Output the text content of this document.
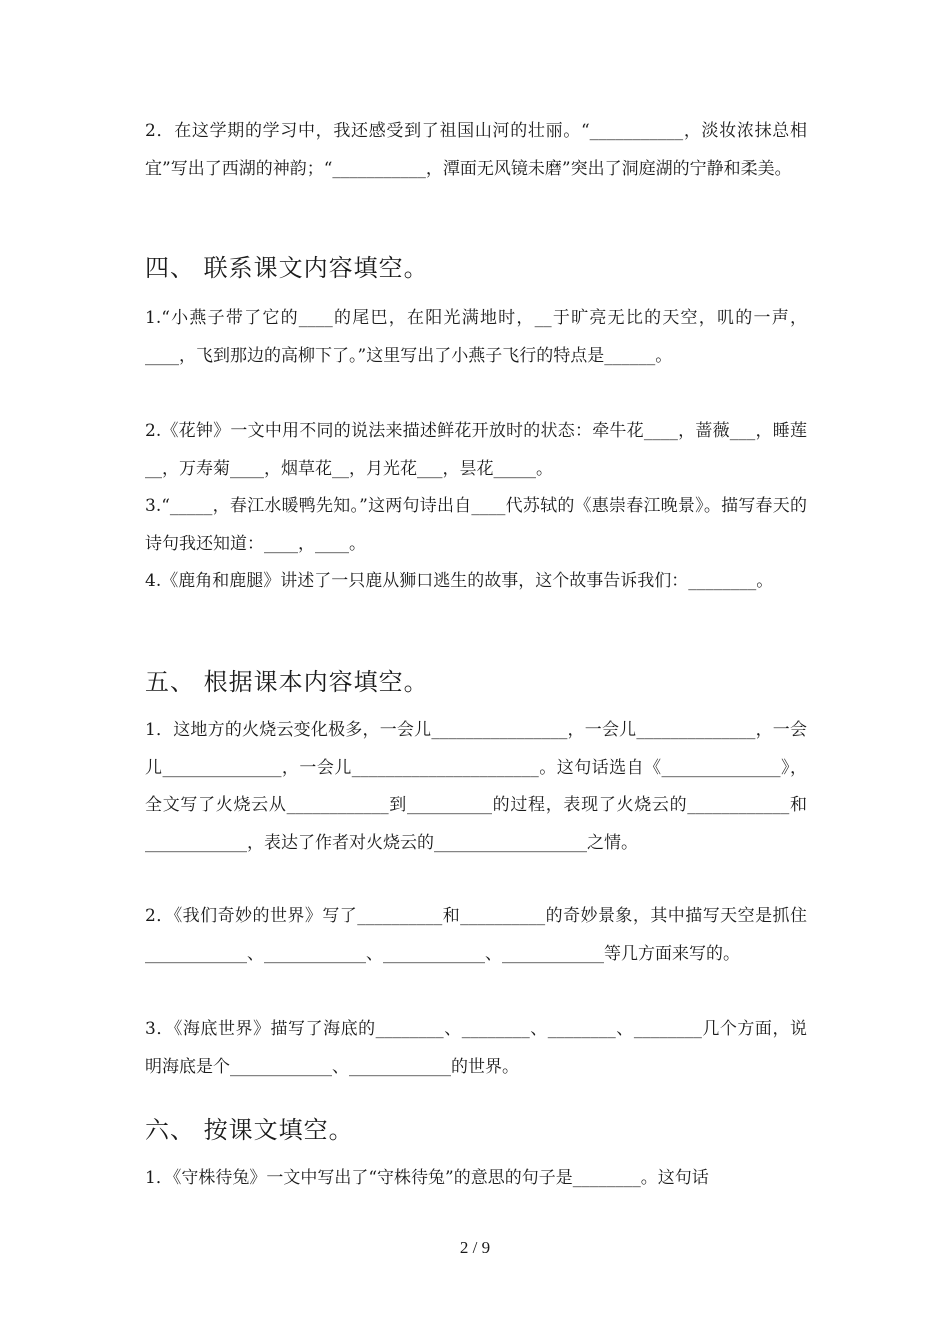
2．在这学期的学习中，我还感受到了祖国山河的壮丽。“___________，淡妆浓抹总相宜”写出了西湖的神韵；“___________，潭面无风镜未磨”突出了洞庭湖的宁静和柔美。

四、 联系课文内容填空。

1.“小燕子带了它的____的尾巴，在阳光满地时，__于旷亮无比的天空，叽的一声，____，飞到那边的高柳下了。”这里写出了小燕子飞行的特点是______。

2.《花钟》一文中用不同的说法来描述鲜花开放时的状态：牵牛花____，蔷薇___，睡莲__，万寿菊____，烟草花__，月光花___，昙花_____。

3.“_____，春江水暖鸭先知。”这两句诗出自____代苏轼的《惠崇春江晚景》。描写春天的诗句我还知道：____，____。

4.《鹿角和鹿腿》讲述了一只鹿从狮口逃生的故事，这个故事告诉我们：________。

五、 根据课本内容填空。

1．这地方的火烧云变化极多，一会儿________________，一会儿______________，一会儿______________，一会儿______________________。这句话选自《______________》，全文写了火烧云从____________到__________的过程，表现了火烧云的____________和____________，表达了作者对火烧云的__________________之情。

2．《我们奇妙的世界》写了__________和__________的奇妙景象，其中描写天空是抓住____________、____________、____________、____________等几方面来写的。

3．《海底世界》描写了海底的________、________、________、________几个方面，说明海底是个____________、____________的世界。

六、 按课文填空。

1．《守株待兔》一文中写出了“守株待兔”的意思的句子是________。这句话

2 / 9
